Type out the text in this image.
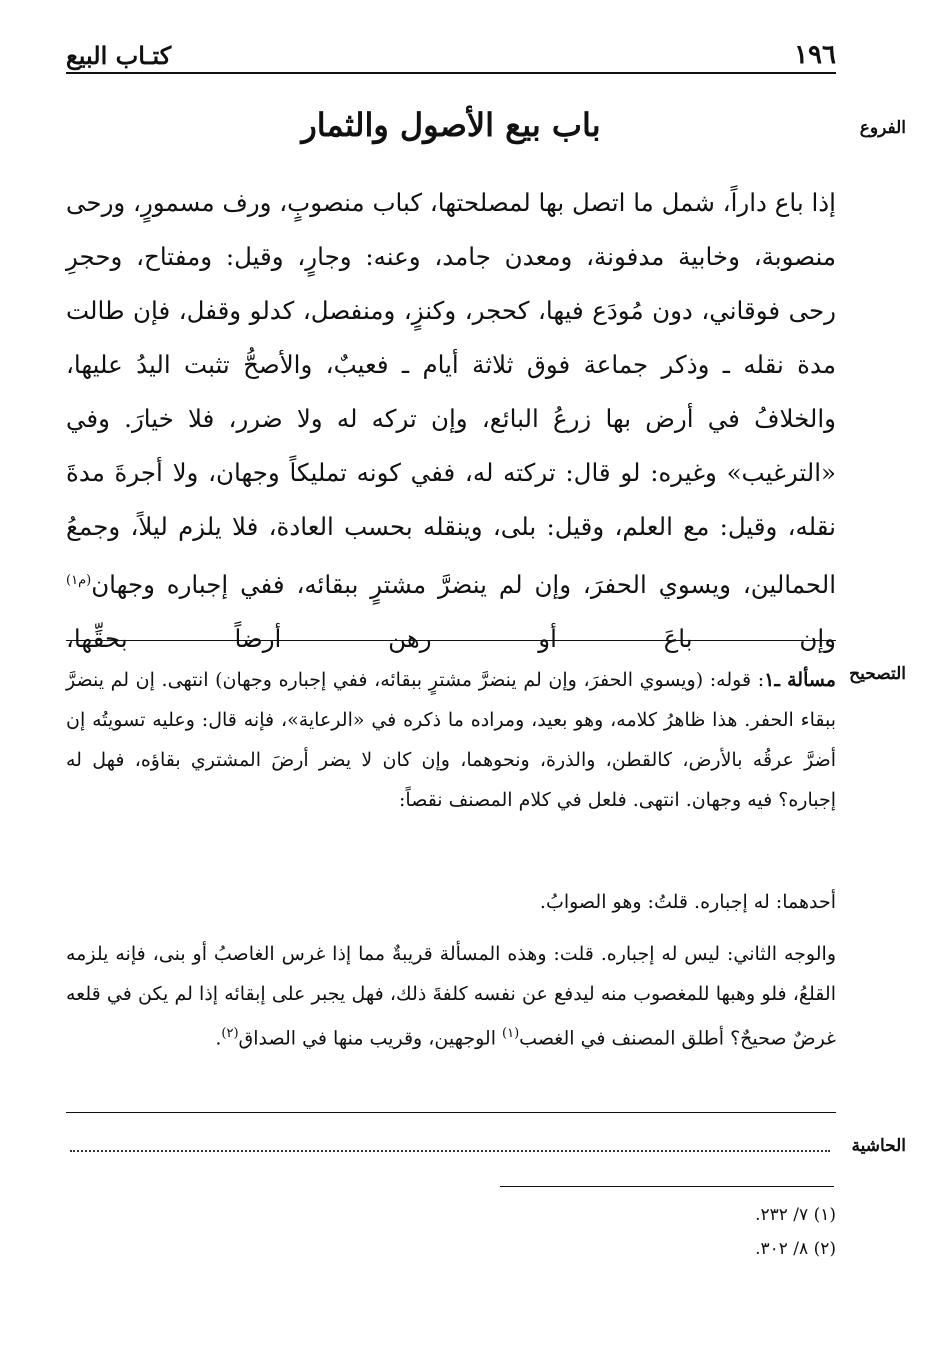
١٩٦
كتـاب البيع
الفروع
باب بيع الأصول والثمار
إذا باع داراً، شمل ما اتصل بها لمصلحتها، كباب منصوبٍ، ورف مسمورٍ، ورحى منصوبة، وخابية مدفونة، ومعدن جامد، وعنه: وجارٍ، وقيل: ومفتاح، وحجرِ رحى فوقاني، دون مُودَع فيها، كحجر، وكنزٍ، ومنفصل، كدلو وقفل، فإن طالت مدة نقله ـ وذكر جماعة فوق ثلاثة أيام ـ فعيبٌ، والأصحُّ تثبت اليدُ عليها، والخلافُ في أرض بها زرعُ البائع، وإن تركه له ولا ضرر، فلا خيارَ. وفي «الترغيب» وغيره: لو قال: تركته له، ففي كونه تمليكاً وجهان، ولا أجرةَ مدةَ نقله، وقيل: مع العلم، وقيل: بلى، وينقله بحسب العادة، فلا يلزم ليلاً، وجمعُ الحمالين، ويسوي الحفرَ، وإن لم ينضرَّ مشترٍ ببقائه، ففي إجباره وجهان$^{(م١)}$ وإن باعَ أو رهن أرضاً بحقِّها،
التصحيح
مسألة ـ١: قوله: (ويسوي الحفرَ، وإن لم ينضرَّ مشترٍ ببقائه، ففي إجباره وجهان) انتهى. إن لم ينضرَّ ببقاء الحفر. هذا ظاهرُ كلامه، وهو بعيد، ومراده ما ذكره في «الرعاية»، فإنه قال: وعليه تسويتُه إن أضرَّ عرقُه بالأرض، كالقطن، والذرة، ونحوهما، وإن كان لا يضر أرضَ المشتري بقاؤه، فهل له إجباره؟ فيه وجهان. انتهى. فلعل في كلام المصنف نقصاً:
أحدهما: له إجباره. قلتُ: وهو الصوابُ.
والوجه الثاني: ليس له إجباره. قلت: وهذه المسألة قريبةٌ مما إذا غرس الغاصبُ أو بنى، فإنه يلزمه القلعُ، فلو وهبها للمغصوب منه ليدفع عن نفسه كلفةَ ذلك، فهل يجبر على إبقائه إذا لم يكن في قلعه غرضٌ صحيحٌ؟ أطلق المصنف في الغصب$^{(١)}$ الوجهين، وقريب منها في الصداق$^{(٢)}$.
الحاشية
(١) ٧/ ٢٣٢.
(٢) ٨/ ٣٠٢.
